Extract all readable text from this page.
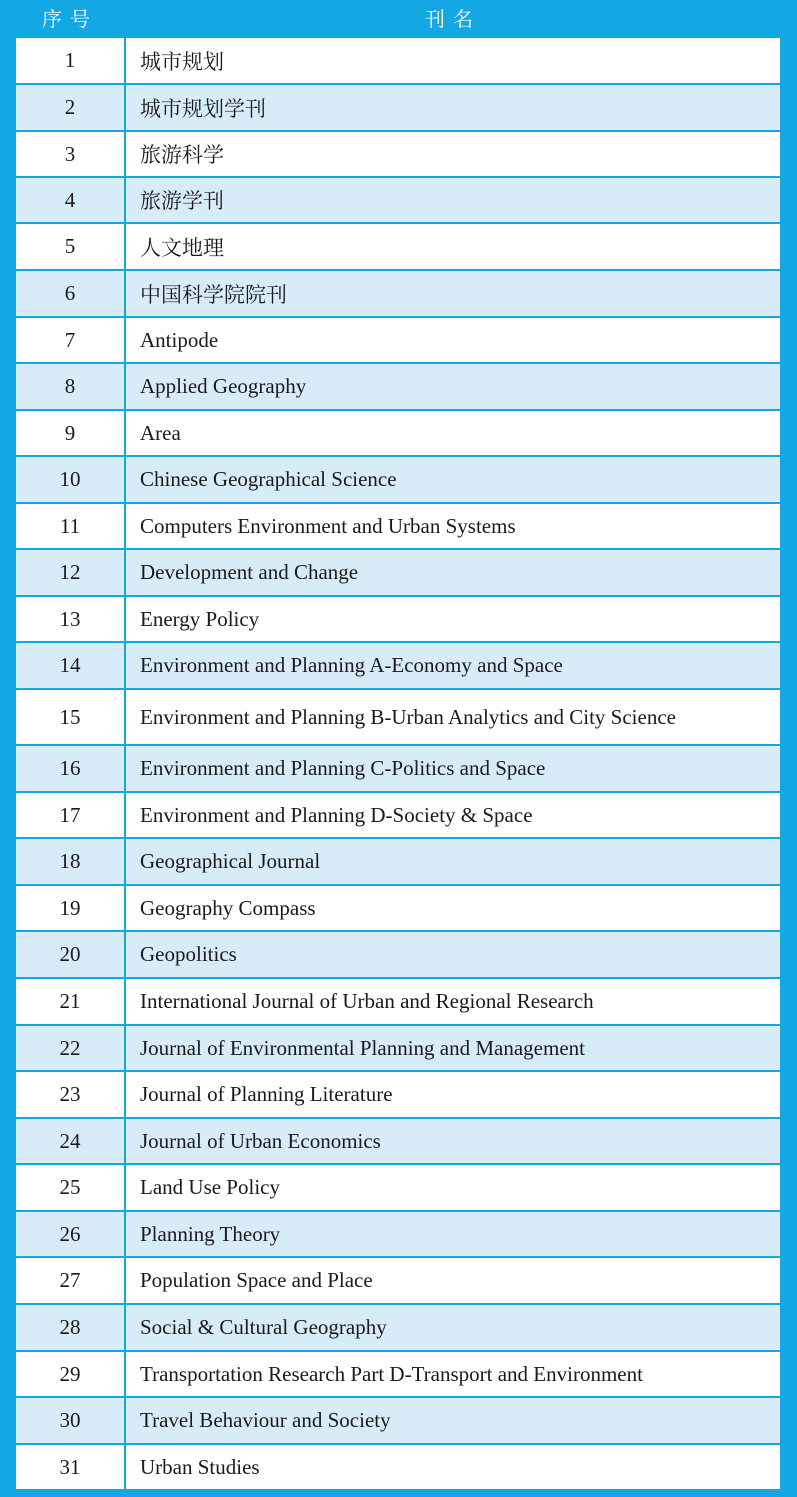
序号	刊名
1	城市规划
2	城市规划学刊
3	旅游科学
4	旅游学刊
5	人文地理
6	中国科学院院刊
7	Antipode
8	Applied Geography
9	Area
10	Chinese Geographical Science
11	Computers Environment and Urban Systems
12	Development and Change
13	Energy Policy
14	Environment and Planning A-Economy and Space
15	Environment and Planning B-Urban Analytics and City Science
16	Environment and Planning C-Politics and Space
17	Environment and Planning D-Society & Space
18	Geographical Journal
19	Geography Compass
20	Geopolitics
21	International Journal of Urban and Regional Research
22	Journal of Environmental Planning and Management
23	Journal of Planning Literature
24	Journal of Urban Economics
25	Land Use Policy
26	Planning Theory
27	Population Space and Place
28	Social & Cultural Geography
29	Transportation Research Part D-Transport and Environment
30	Travel Behaviour and Society
31	Urban Studies
